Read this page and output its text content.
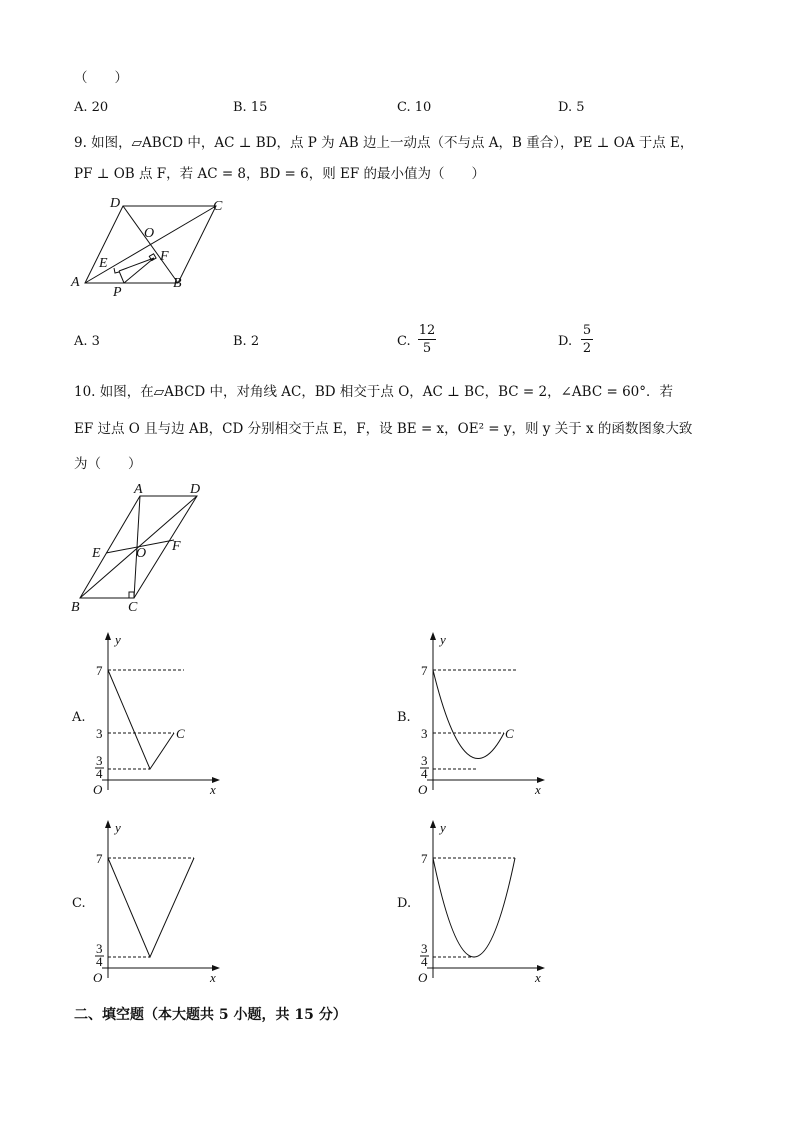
（　　）
A. 20	B. 15	C. 10	D. 5
9. 如图，▱ABCD 中，AC ⊥ BD，点 P 为 AB 边上一动点（不与点 A，B 重合），PE ⊥ OA 于点 E，
PF ⊥ OB 点 F，若 AC = 8，BD = 6，则 EF 的最小值为（　　）
D	C
O
F
E
A
P
B
A. 3	B. 2	C.
12
5	D.
5
2
10. 如图，在▱ABCD 中，对角线 AC，BD 相交于点 O，AC ⊥ BC，BC = 2，∠ABC = 60°．若
EF 过点 O 且与边 AB，CD 分别相交于点 E，F，设 BE = x，OE² = y，则 y 关于 x 的函数图象大致
为（　　）
A	D
E	O F
B	C
A.
y
x
O
7
3
3
4
C
B.
y
x
O
7
3
3
4
C
C.
y
x
O
7
3
4
D.
y
x
O
7
3
4
二、填空题（本大题共 5 小题，共 15 分）
